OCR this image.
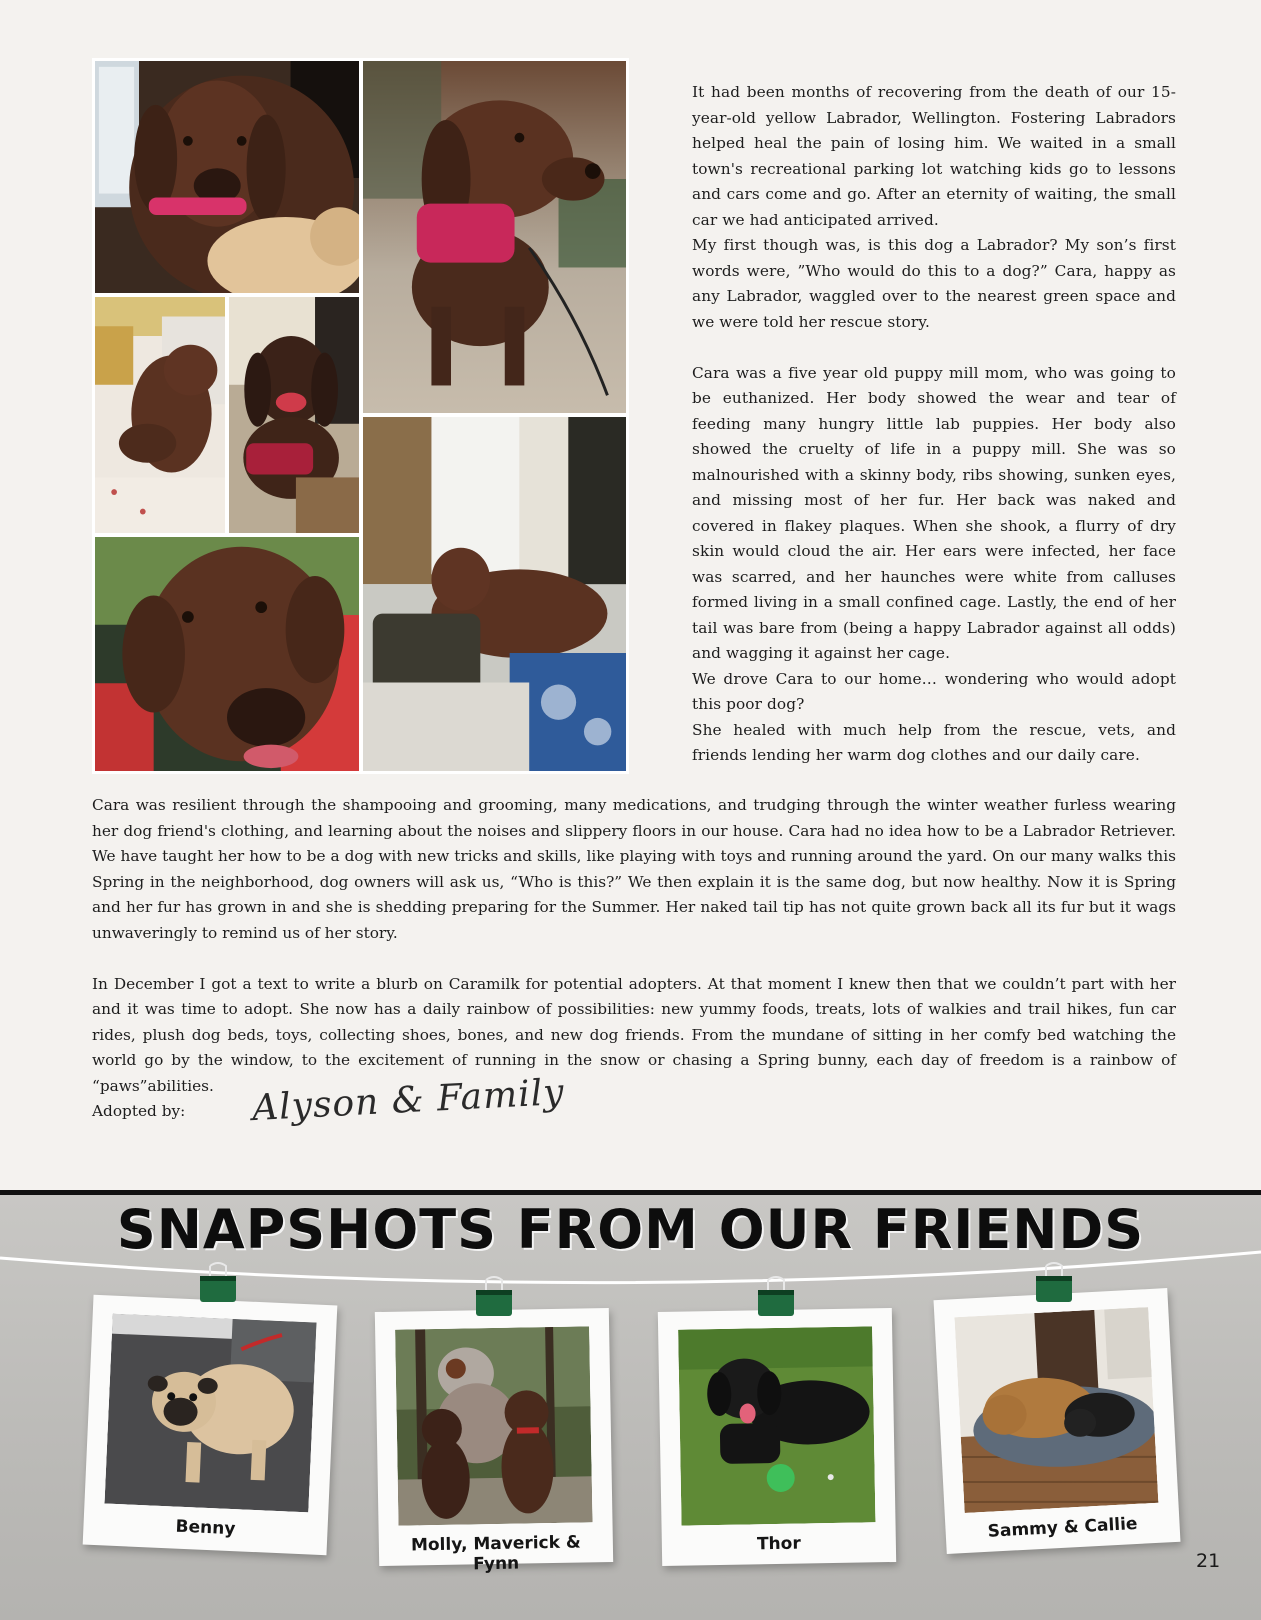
It had been months of recovering from the death of our 15-year-old yellow Labrador, Wellington. Fostering Labradors helped heal the pain of losing him. We waited in a small town's recreational parking lot watching kids go to lessons and cars come and go. After an eternity of waiting, the small car we had anticipated arrived.

My first though was, is this dog a Labrador? My son’s first words were, ”Who would do this to a dog?” Cara, happy as any Labrador, waggled over to the nearest green space and we were told her rescue story.

Cara was a five year old puppy mill mom, who was going to be euthanized. Her body showed the wear and tear of feeding many hungry little lab puppies. Her body also showed the cruelty of life in a puppy mill. She was so malnourished with a skinny body, ribs showing, sunken eyes, and missing most of her fur. Her back was naked and covered in flakey plaques. When she shook, a flurry of dry skin would cloud the air. Her ears were infected, her face was scarred, and her haunches were white from calluses formed living in a small confined cage. Lastly, the end of her tail was bare from (being a happy Labrador against all odds) and wagging it against her cage.

We drove Cara to our home… wondering who would adopt this poor dog?

She healed with much help from the rescue, vets, and friends lending her warm dog clothes and our daily care.

Cara was resilient through the shampooing and grooming, many medications, and trudging through the winter weather furless wearing her dog friend's clothing, and learning about the noises and slippery floors in our house. Cara had no idea how to be a Labrador Retriever. We have taught her how to be a dog with new tricks and skills, like playing with toys and running around the yard. On our many walks this Spring in the neighborhood, dog owners will ask us, “Who is this?” We then explain it is the same dog, but now healthy. Now it is Spring and her fur has grown in and she is shedding preparing for the Summer. Her naked tail tip has not quite grown back all its fur but it wags unwaveringly to remind us of her story.

In December I got a text to write a blurb on Caramilk for potential adopters. At that moment I knew then that we couldn’t part with her and it was time to adopt. She now has a daily rainbow of possibilities: new yummy foods, treats, lots of walkies and trail hikes, fun car rides, plush dog beds, toys, collecting shoes, bones, and new dog friends. From the mundane of sitting in her comfy bed watching the world go by the window, to the excitement of running in the snow or chasing a Spring bunny, each day of freedom is a rainbow of “paws”abilities.

Adopted by:	Alyson & Family
SNAPSHOTS FROM OUR FRIENDS
Benny
Molly, Maverick & Fynn
Thor
Sammy & Callie
21
